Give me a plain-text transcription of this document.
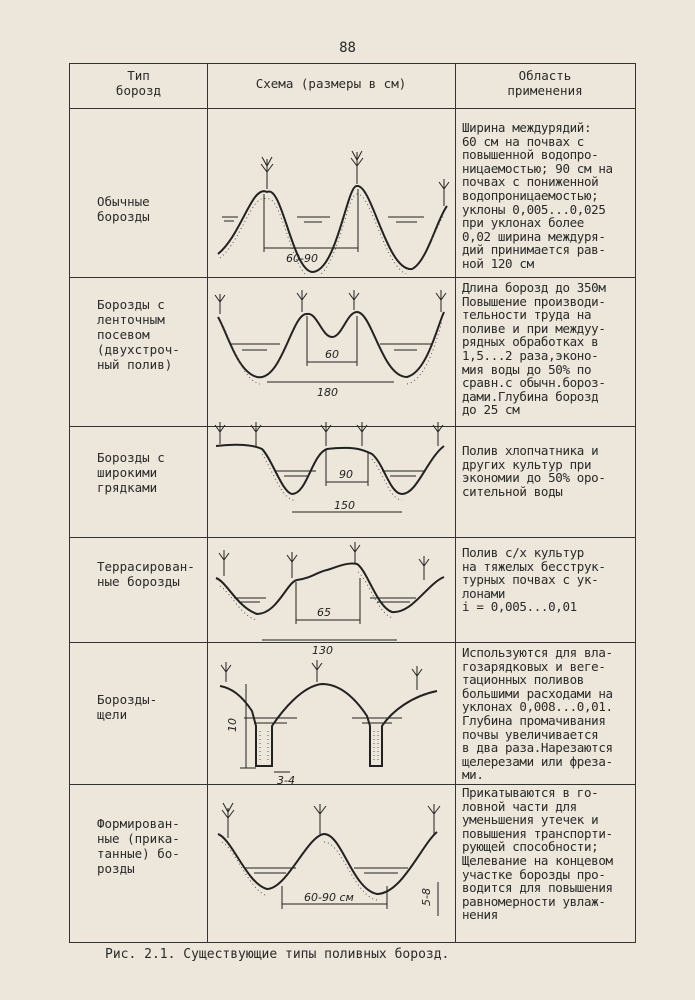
88
Тип
борозд	Схема (размеры в см)
Область
применения
Обычные
борозды
60-90
Ширина междурядий:
60 см на почвах с
повышенной водопро-
ницаемостью; 90 см на
почвах с пониженной
водопроницаемостью;
уклоны 0,005...0,025
при уклонах более
0,02 ширина междуря-
дий принимается рав-
ной 120 см
Борозды с
ленточным
посевом
(двухстроч-
ный полив)
60
180
Длина борозд до 350м
Повышение производи-
тельности труда на
поливе и при междуу-
рядных обработках в
1,5...2 раза,эконо-
мия воды до 50% по
сравн.с обычн.бороз-
дами.Глубина борозд
до 25 см
Борозды с
широкими
грядками
90
150
Полив хлопчатника и
других культур при
экономии до 50% оро-
сительной воды
Террасирован-
ные борозды
65
130
Полив с/х культур
на тяжелых бесструк-
турных почвах с ук-
лонами
i = 0,005...0,01
Борозды-
щели
10
3-4
Используются для вла-
гозарядковых и веге-
тационных поливов
большими расходами на
уклонах 0,008...0,01.
Глубина промачивания
почвы увеличивается
в два раза.Нарезаются
щелерезами или фреза-
ми.
Формирован-
ные (прика-
танные) бо-
розды
60-90 см	5-8
Прикатываются в го-
ловной части для
уменьшения утечек и
повышения транспорти-
рующей способности;
Щелевание на концевом
участке борозды про-
водится для повышения
равномерности увлаж-
нения
Рис. 2.1. Существующие типы поливных борозд.
